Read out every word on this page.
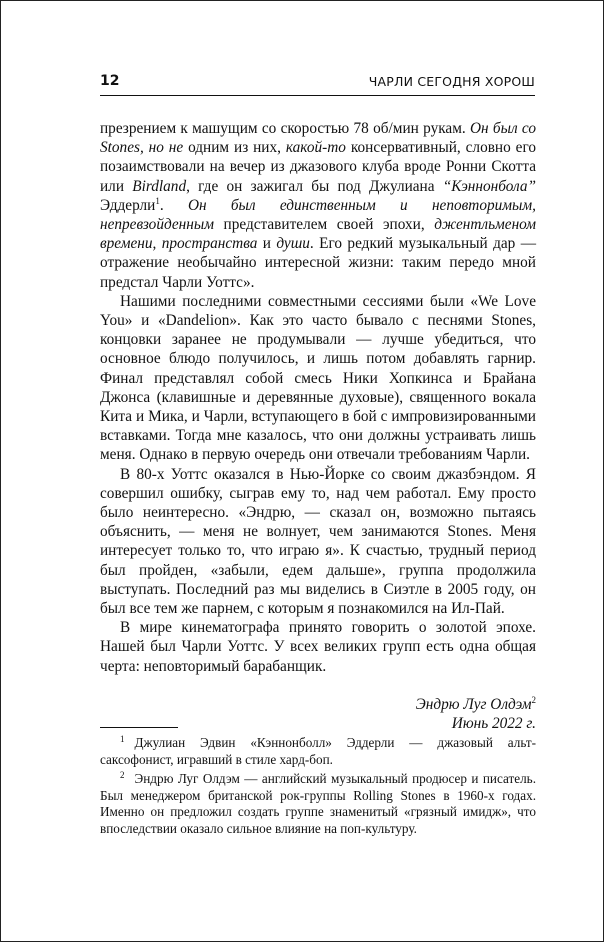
12	ЧАРЛИ СЕГОДНЯ ХОРОШ

презрением к машущим со скоростью 78 об/мин рукам. Он был со Stones, но не одним из них, какой-то консервативный, словно его позаимствовали на вечер из джазового клуба вроде Ронни Скотта или Birdland, где он зажигал бы под Джулиана “Кэннонбола” Эддерли$^1$. Он был единственным и неповторимым, непревзойденным представителем своей эпохи, джентльменом времени, пространства и души. Его редкий музыкальный дар — отражение необычайно интересной жизни: таким передо мной предстал Чарли Уоттс».

Нашими последними совместными сессиями были «We Love You» и «Dandelion». Как это часто бывало с песнями Stones, концовки заранее не продумывали — лучше убедиться, что основное блюдо получилось, и лишь потом добавлять гарнир. Финал представлял собой смесь Ники Хопкинса и Брайана Джонса (клавишные и деревянные духовые), священного вокала Кита и Мика, и Чарли, вступающего в бой с импровизированными вставками. Тогда мне казалось, что они должны устраивать лишь меня. Однако в первую очередь они отвечали требованиям Чарли.

В 80-х Уоттс оказался в Нью-Йорке со своим джазбэндом. Я совершил ошибку, сыграв ему то, над чем работал. Ему просто было неинтересно. «Эндрю, — сказал он, возможно пытаясь объяснить, — меня не волнует, чем занимаются Stones. Меня интересует только то, что играю я». К счастью, трудный период был пройден, «забыли, едем дальше», группа продолжила выступать. Последний раз мы виделись в Сиэтле в 2005 году, он был все тем же парнем, с которым я познакомился на Ил-Пай.

В мире кинематографа принято говорить о золотой эпохе. Нашей был Чарли Уоттс. У всех великих групп есть одна общая черта: неповторимый барабанщик.

Эндрю Луг Олдэм$^2$
Июнь 2022 г.

$^1$ Джулиан Эдвин «Кэннонболл» Эддерли — джазовый альт-саксофонист, игравший в стиле хард-боп.

$^2$ Эндрю Луг Олдэм — английский музыкальный продюсер и писатель. Был менеджером британской рок-группы Rolling Stones в 1960-х годах. Именно он предложил создать группе знаменитый «грязный имидж», что впоследствии оказало сильное влияние на поп-культуру.
